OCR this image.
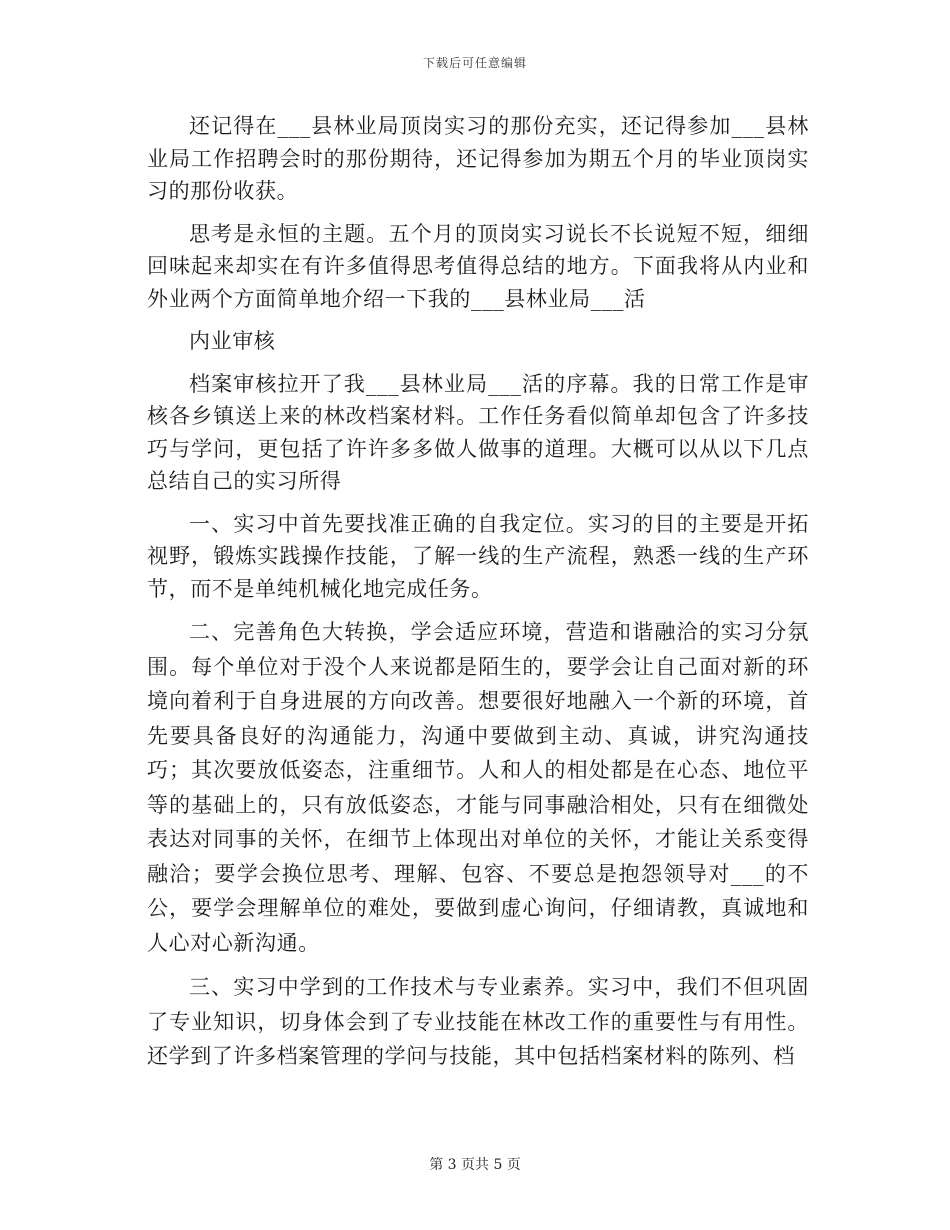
下载后可任意编辑

还记得在___县林业局顶岗实习的那份充实，还记得参加___县林业局工作招聘会时的那份期待，还记得参加为期五个月的毕业顶岗实习的那份收获。

思考是永恒的主题。五个月的顶岗实习说长不长说短不短，细细回味起来却实在有许多值得思考值得总结的地方。下面我将从内业和外业两个方面简单地介绍一下我的___县林业局___活

内业审核

档案审核拉开了我___县林业局___活的序幕。我的日常工作是审核各乡镇送上来的林改档案材料。工作任务看似简单却包含了许多技巧与学问，更包括了许许多多做人做事的道理。大概可以从以下几点总结自己的实习所得

一、实习中首先要找准正确的自我定位。实习的目的主要是开拓视野，锻炼实践操作技能，了解一线的生产流程，熟悉一线的生产环节，而不是单纯机械化地完成任务。

二、完善角色大转换，学会适应环境，营造和谐融洽的实习分氛围。每个单位对于没个人来说都是陌生的，要学会让自己面对新的环境向着利于自身进展的方向改善。想要很好地融入一个新的环境，首先要具备良好的沟通能力，沟通中要做到主动、真诚，讲究沟通技巧；其次要放低姿态，注重细节。人和人的相处都是在心态、地位平等的基础上的，只有放低姿态，才能与同事融洽相处，只有在细微处表达对同事的关怀，在细节上体现出对单位的关怀，才能让关系变得融洽；要学会换位思考、理解、包容、不要总是抱怨领导对___的不公，要学会理解单位的难处，要做到虚心询问，仔细请教，真诚地和人心对心新沟通。

三、实习中学到的工作技术与专业素养。实习中，我们不但巩固了专业知识，切身体会到了专业技能在林改工作的重要性与有用性。还学到了许多档案管理的学问与技能，其中包括档案材料的陈列、档

第 3 页共 5 页
